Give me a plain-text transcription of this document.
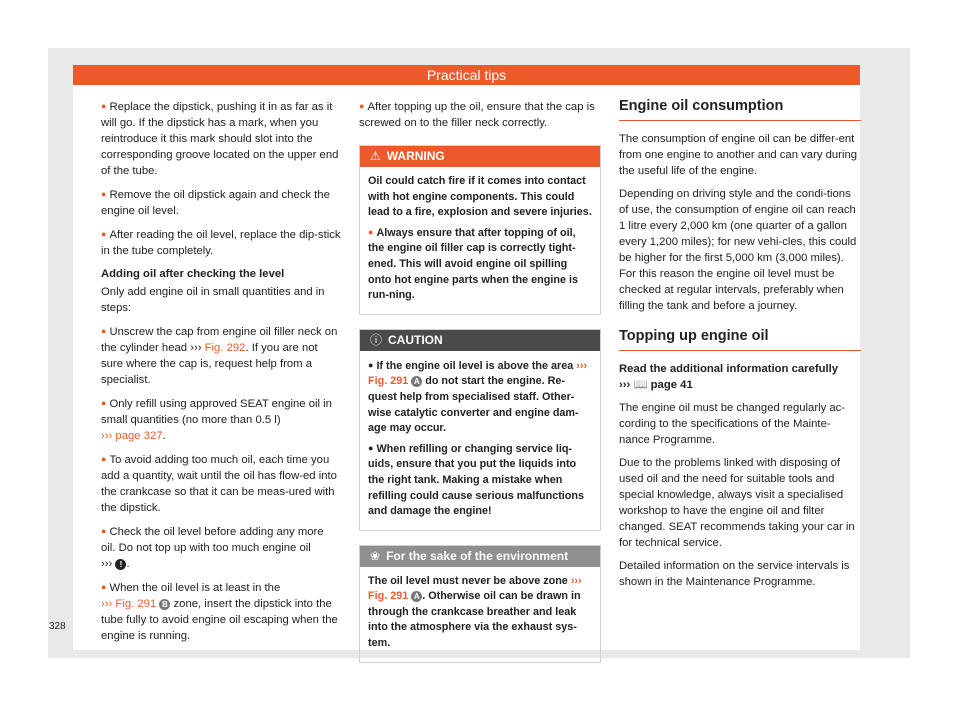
Practical tips

● Replace the dipstick, pushing it in as far as it will go. If the dipstick has a mark, when you reintroduce it this mark should slot into the corresponding groove located on the upper end of the tube.

● Remove the oil dipstick again and check the engine oil level.

● After reading the oil level, replace the dip-stick in the tube completely.

Adding oil after checking the level

Only add engine oil in small quantities and in steps:

● Unscrew the cap from engine oil filler neck on the cylinder head ››› Fig. 292. If you are not sure where the cap is, request help from a specialist.

● Only refill using approved SEAT engine oil in small quantities (no more than 0.5 l)
››› page 327.

● To avoid adding too much oil, each time you add a quantity, wait until the oil has flow-ed into the crankcase so that it can be meas-ured with the dipstick.

● Check the oil level before adding any more oil. Do not top up with too much engine oil
››› ! .

● When the oil level is at least in the
››› Fig. 291 B zone, insert the dipstick into the tube fully to avoid engine oil escaping when the engine is running.

● After topping up the oil, ensure that the cap is screwed on to the filler neck correctly.

⚠ WARNING

Oil could catch fire if it comes into contact with hot engine components. This could lead to a fire, explosion and severe injuries.

● Always ensure that after topping of oil, the engine oil filler cap is correctly tight-ened. This will avoid engine oil spilling onto hot engine parts when the engine is run-ning.

ⓘ CAUTION

● If the engine oil level is above the area ››› Fig. 291 A do not start the engine. Re-quest help from specialised staff. Other-wise catalytic converter and engine dam-age may occur.

● When refilling or changing service liq-uids, ensure that you put the liquids into the right tank. Making a mistake when refilling could cause serious malfunctions and damage the engine!

❀ For the sake of the environment

The oil level must never be above zone ››› Fig. 291 A . Otherwise oil can be drawn in through the crankcase breather and leak into the atmosphere via the exhaust sys-tem.

Engine oil consumption

The consumption of engine oil can be differ-ent from one engine to another and can vary during the useful life of the engine.

Depending on driving style and the condi-tions of use, the consumption of engine oil can reach 1 litre every 2,000 km (one quarter of a gallon every 1,200 miles); for new vehi-cles, this could be higher for the first 5,000 km (3,000 miles). For this reason the engine oil level must be checked at regular intervals, preferably when filling the tank and before a journey.

Topping up engine oil

Read the additional information carefully
››› 📖 page 41

The engine oil must be changed regularly ac-cording to the specifications of the Mainte-nance Programme.

Due to the problems linked with disposing of used oil and the need for suitable tools and special knowledge, always visit a specialised workshop to have the engine oil and filter changed. SEAT recommends taking your car in for technical service.

Detailed information on the service intervals is shown in the Maintenance Programme.

328
